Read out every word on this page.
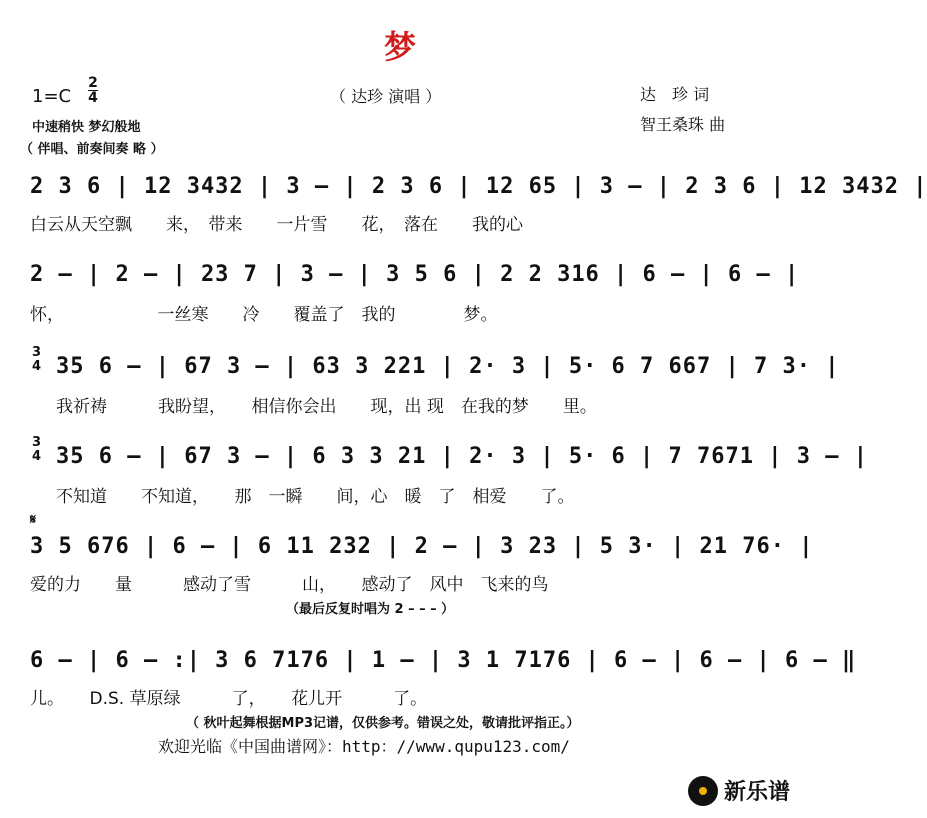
梦
1=C
2
4	（ 达珍 演唱 ）	达　珍 词
智王桑珠 曲
中速稍快 梦幻般地
（ 伴唱、前奏间奏 略 ）
2 3 6 | 12 3432 | 3 – | 2 3 6 | 12 65 | 3 – | 2 3 6 | 12 3432 |
白云从天空飘　　来，　带来　　一片雪　　花，　落在　　我的心
2 – | 2 – | 23 7 | 3 – | 3 5 6 | 2 2 316 | 6 – | 6 – |
怀，　　　　　　一丝寒　　冷　　覆盖了　我的　　　　梦。
3
4 35 6 – | 67 3 – | 63 3 221 | 2· 3 | 5· 6 7 667 | 7 3· |
我祈祷　　　我盼望，　　相信你会出　　现，出 现　在我的梦　　里。
3
4 35 6 – | 67 3 – | 6 3 3 21 | 2· 3 | 5· 6 | 7 7671 | 3 – |
不知道　　不知道，　　那　一瞬　　间，心　暖　了　相爱　　了。
𝄋
3 5 676 | 6 – | 6 11 232 | 2 – | 3 23 | 5 3· | 21 76· |
爱的力　　量　　　感动了雪　　　山，　　感动了　风中　飞来的鸟
（最后反复时唱为 2 – – – ）
6 – | 6 – :| 3 6 7176 | 1 – | 3 1 7176 | 6 – | 6 – | 6 – ‖
儿。　　D.S. 草原绿　　　了，　　花儿开　　　了。
（ 秋叶起舞根据MP3记谱，仅供参考。错误之处，敬请批评指正。）
欢迎光临《中国曲谱网》：http：//www.qupu123.com/
新乐谱
